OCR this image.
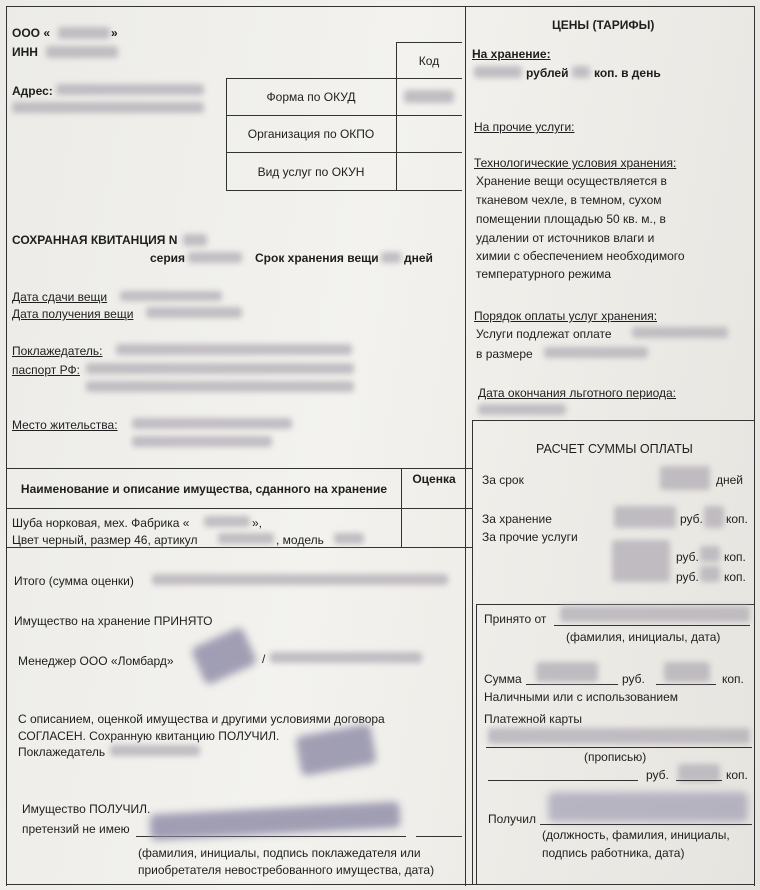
ООО «	»
ИНН
Адрес:
Код
Форма по ОКУД
Организация по ОКПО
Вид услуг по ОКУН
СОХРАННАЯ КВИТАНЦИЯ N
серия	Срок хранения вещи дней
Дата сдачи вещи
Дата получения вещи
Поклажедатель:
паспорт РФ:
Место жительства:
Наименование и описание имущества, сданного на хранение
Оценка
Шуба норковая, мех. Фабрика «	»,
Цвет черный, размер 46, артикул	, модель
Итого (сумма оценки)
Имущество на хранение ПРИНЯТО
Менеджер ООО «Ломбард»	/
С описанием, оценкой имущества и другими условиями договора
СОГЛАСЕН. Сохранную квитанцию ПОЛУЧИЛ.
Поклажедатель
Имущество ПОЛУЧИЛ.
претензий не имею
(фамилия, инициалы, подпись поклажедателя или
приобретателя невостребованного имущества, дата)
ЦЕНЫ (ТАРИФЫ)
На хранение:
рублей коп. в день
На прочие услуги:
Технологические условия хранения:
Хранение вещи осуществляется в
тканевом чехле, в темном, сухом
помещении площадью 50 кв. м., в
удалении от источников влаги и
химии с обеспечением необходимого
температурного режима
Порядок оплаты услуг хранения:
Услуги подлежат оплате
в размере
Дата окончания льготного периода:
РАСЧЕТ СУММЫ ОПЛАТЫ
За срок	дней
За хранение	руб. коп.
За прочие услуги
руб. коп.
руб. коп.
Принято от
(фамилия, инициалы, дата)
Сумма	руб.	коп.
Наличными или с использованием
Платежной карты
(прописью)
руб.	коп.
Получил
(должность, фамилия, инициалы,
подпись работника, дата)
